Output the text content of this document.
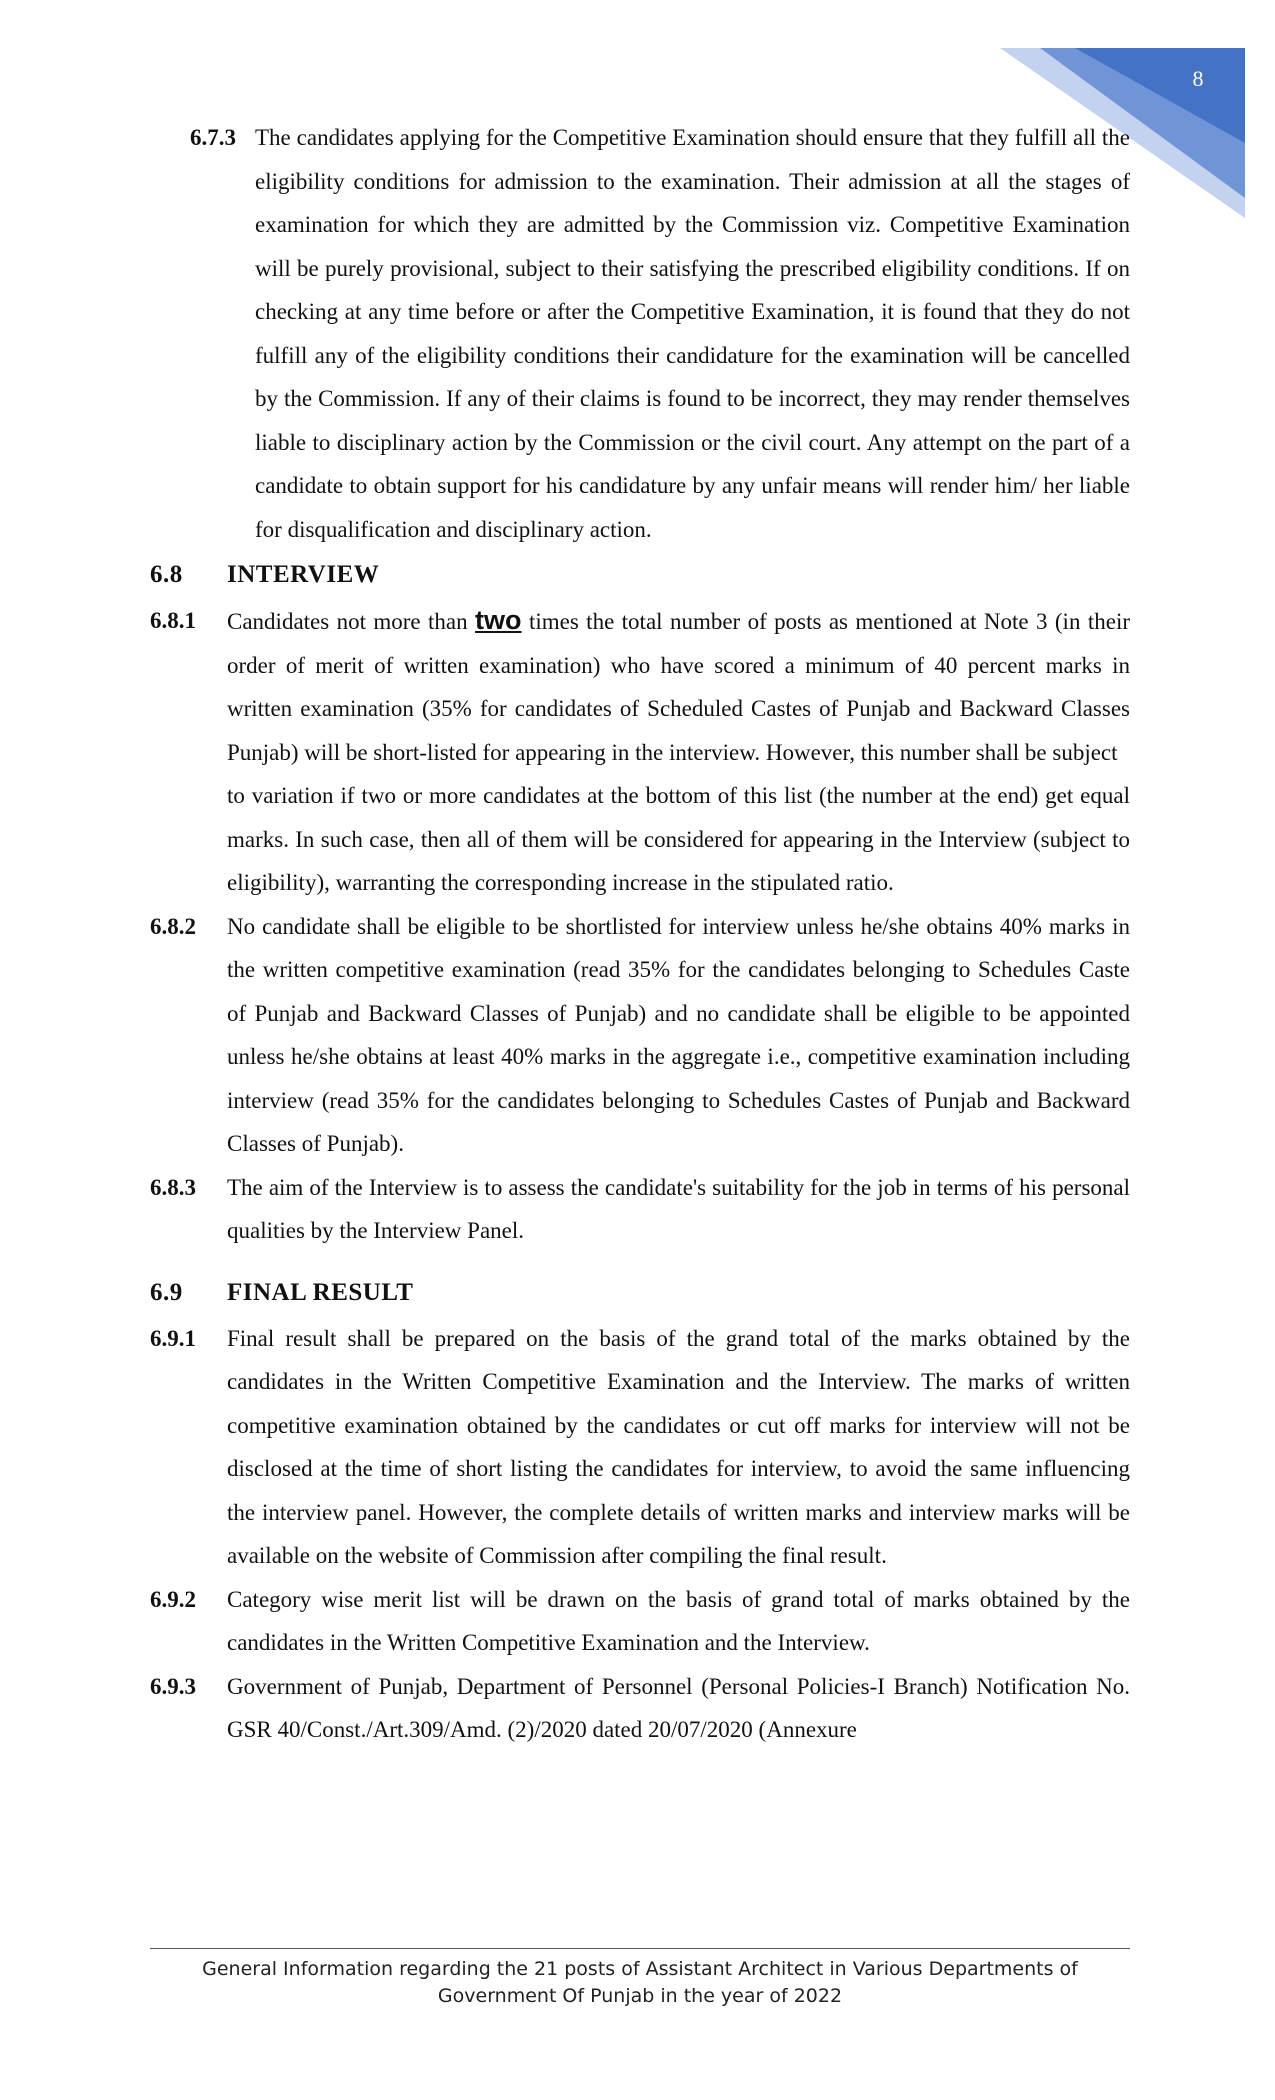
8
6.7.3 The candidates applying for the Competitive Examination should ensure that they fulfill all the eligibility conditions for admission to the examination. Their admission at all the stages of examination for which they are admitted by the Commission viz. Competitive Examination will be purely provisional, subject to their satisfying the prescribed eligibility conditions. If on checking at any time before or after the Competitive Examination, it is found that they do not fulfill any of the eligibility conditions their candidature for the examination will be cancelled by the Commission. If any of their claims is found to be incorrect, they may render themselves liable to disciplinary action by the Commission or the civil court. Any attempt on the part of a candidate to obtain support for his candidature by any unfair means will render him/ her liable for disqualification and disciplinary action.
6.8	INTERVIEW
6.8.1	Candidates not more than two times the total number of posts as mentioned at Note 3 (in their order of merit of written examination) who have scored a minimum of 40 percent marks in written examination (35% for candidates of Scheduled Castes of Punjab and Backward Classes Punjab) will be short-listed for appearing in the interview. However, this number shall be subject
to variation if two or more candidates at the bottom of this list (the number at the end) get equal marks. In such case, then all of them will be considered for appearing in the Interview (subject to eligibility), warranting the corresponding increase in the stipulated ratio.
6.8.2	No candidate shall be eligible to be shortlisted for interview unless he/she obtains 40% marks in the written competitive examination (read 35% for the candidates belonging to Schedules Caste of Punjab and Backward Classes of Punjab) and no candidate shall be eligible to be appointed unless he/she obtains at least 40% marks in the aggregate i.e., competitive examination including interview (read 35% for the candidates belonging to Schedules Castes of Punjab and Backward Classes of Punjab).
6.8.3	The aim of the Interview is to assess the candidate's suitability for the job in terms of his personal qualities by the Interview Panel.
6.9	FINAL RESULT
6.9.1	Final result shall be prepared on the basis of the grand total of the marks obtained by the candidates in the Written Competitive Examination and the Interview. The marks of written competitive examination obtained by the candidates or cut off marks for interview will not be disclosed at the time of short listing the candidates for interview, to avoid the same influencing the interview panel. However, the complete details of written marks and interview marks will be available on the website of Commission after compiling the final result.
6.9.2	Category wise merit list will be drawn on the basis of grand total of marks obtained by the candidates in the Written Competitive Examination and the Interview.
6.9.3	Government of Punjab, Department of Personnel (Personal Policies-I Branch) Notification No. GSR 40/Const./Art.309/Amd. (2)/2020 dated 20/07/2020 (Annexure
General Information regarding the 21 posts of Assistant Architect in Various Departments of
Government Of Punjab in the year of 2022
